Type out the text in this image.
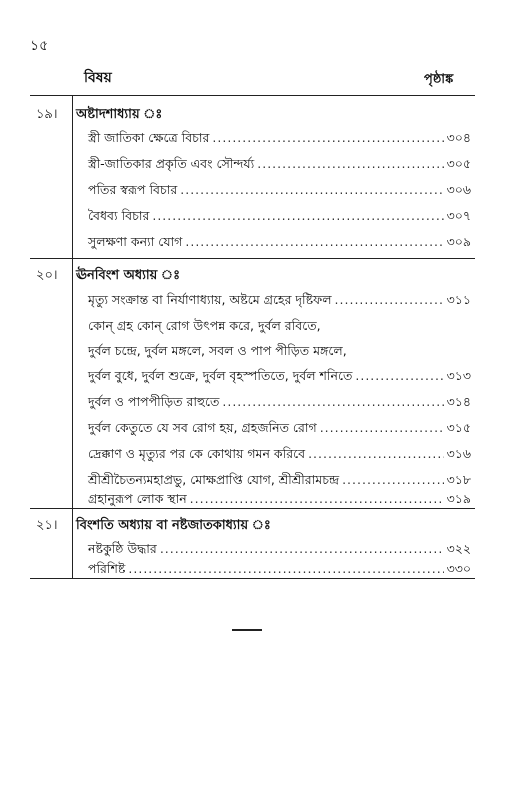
১৫
বিষয়	পৃষ্ঠাঙ্ক
১৯। অষ্টাদশাধ্যায় ঃ
স্ত্রী জাতিকা ক্ষেত্রে বিচার .....	৩০৪
স্ত্রী-জাতিকার প্রকৃতি এবং সৌন্দর্য্য .....	৩০৫
পতির স্বরূপ বিচার .....	৩০৬
বৈধব্য বিচার .....	৩০৭
সুলক্ষণা কন্যা যোগ .....	৩০৯
২০। ঊনবিংশ অধ্যায় ঃ
মৃত্যু সংক্রান্ত বা নির্যাণাধ্যায়, অষ্টমে গ্রহের দৃষ্টিফল .....	৩১১
কোন্ গ্রহ কোন্ রোগ উৎপন্ন করে, দুর্বল রবিতে,
দুর্বল চন্দ্রে, দুর্বল মঙ্গলে, সবল ও পাপ পীড়িত মঙ্গলে,
দুর্বল বুধে, দুর্বল শুক্রে, দুর্বল বৃহস্পতিতে, দুর্বল শনিতে .....	৩১৩
দুর্বল ও পাপপীড়িত রাহুতে .....	৩১৪
দুর্বল কেতুতে যে সব রোগ হয়, গ্রহজনিত রোগ .....	৩১৫
দ্রেক্কাণ ও মৃত্যুর পর কে কোথায় গমন করিবে .....	৩১৬
শ্রীশ্রীচৈতন্যমহাপ্রভু, মোক্ষপ্রাপ্তি যোগ, শ্রীশ্রীরামচন্দ্র .....	৩১৮
গ্রহানুরূপ লোক স্থান .....	৩১৯
২১। বিংশতি অধ্যায় বা নষ্টজাতকাধ্যায় ঃ
নষ্টকুষ্ঠি উদ্ধার .....	৩২২
পরিশিষ্ট .....	৩৩০
